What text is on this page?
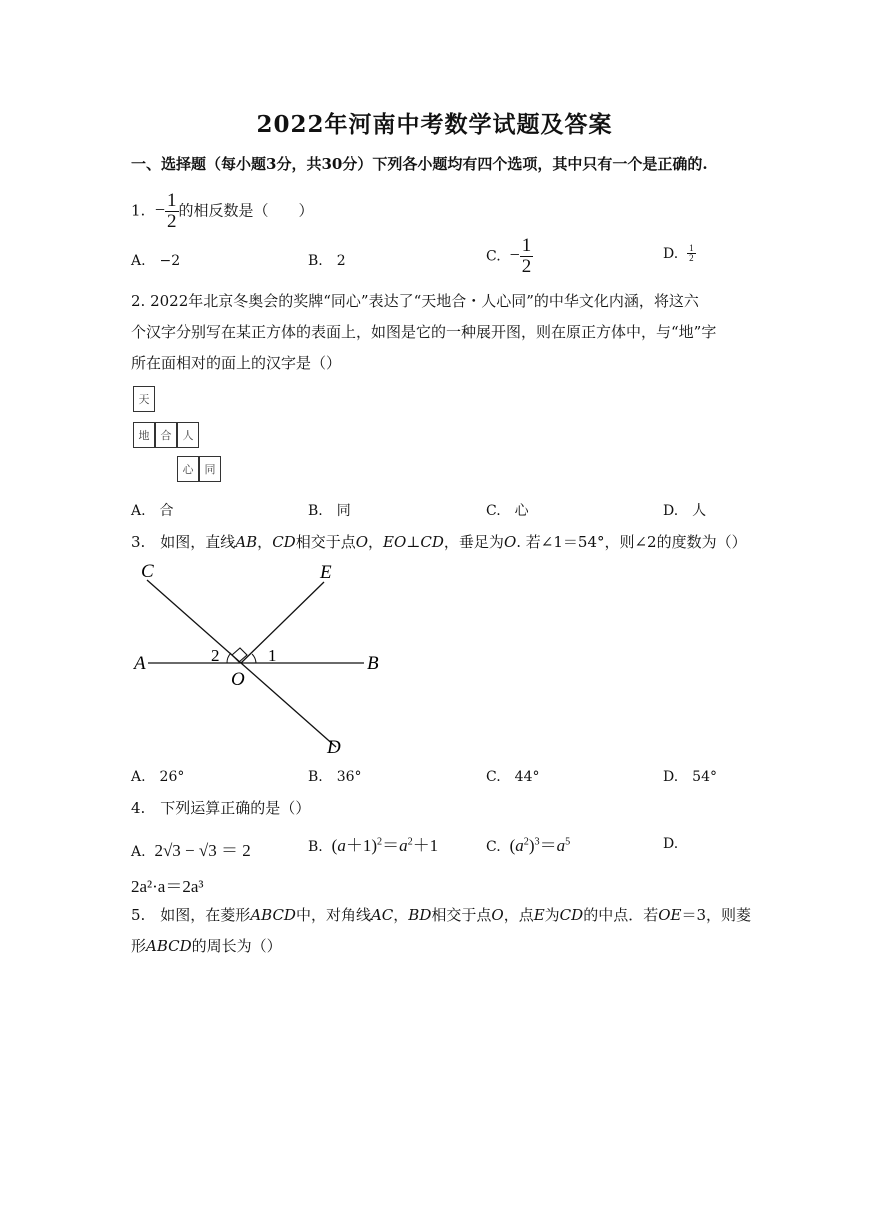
2022年河南中考数学试题及答案
一、选择题（每小题3分，共30分）下列各小题均有四个选项，其中只有一个是正确的.
1. − $\frac{1}{2}$ 的相反数是（　　）
A.　−2	B.　2	C. − $\frac{1}{2}$	D. $\frac{1}{2}$
2. 2022年北京冬奥会的奖牌“同心”表达了“天地合・人心同”的中华文化内涵，将这六
个汉字分别写在某正方体的表面上，如图是它的一种展开图，则在原正方体中，与“地”字
所在面相对的面上的汉字是（）
天
地	合	人
心	同
A.　合	B.　同	C.　心	D.　人
3.　如图，直线AB，CD相交于点O，EO⊥CD，垂足为O. 若∠1＝54°，则∠2的度数为（）
C	E
A	B
O
D
1
2
A.　26°	B.　36°	C.　44°	D.　54°
4.　下列运算正确的是（）
A. 2√3 − √3 ＝ 2	B. $(a+1)^2=a^2+1$	C. $(a^2)^3=a^5$	D.
2a²·a＝2a³
5.　如图，在菱形ABCD中，对角线AC，BD相交于点O，点E为CD的中点．若OE＝3，则菱
形ABCD的周长为（）
